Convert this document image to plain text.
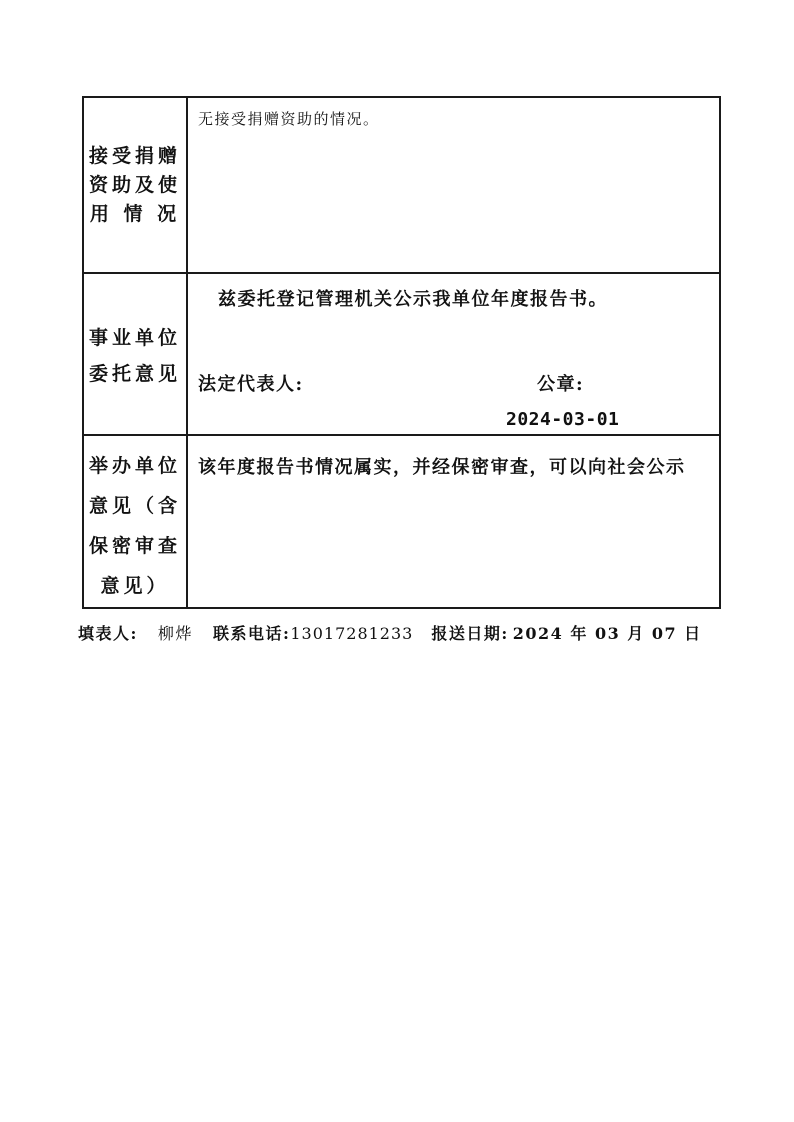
接受捐赠
资助及使
用 情 况
无接受捐赠资助的情况。
事业单位
委托意见
兹委托登记管理机关公示我单位年度报告书。
法定代表人:	公章:
2024-03-01
举办单位
意见（含
保密审查
意见）
该年度报告书情况属实，并经保密审查，可以向社会公示
填表人: 柳烨 联系电话: 13017281233 报送日期: 2024 年 03 月 07 日
